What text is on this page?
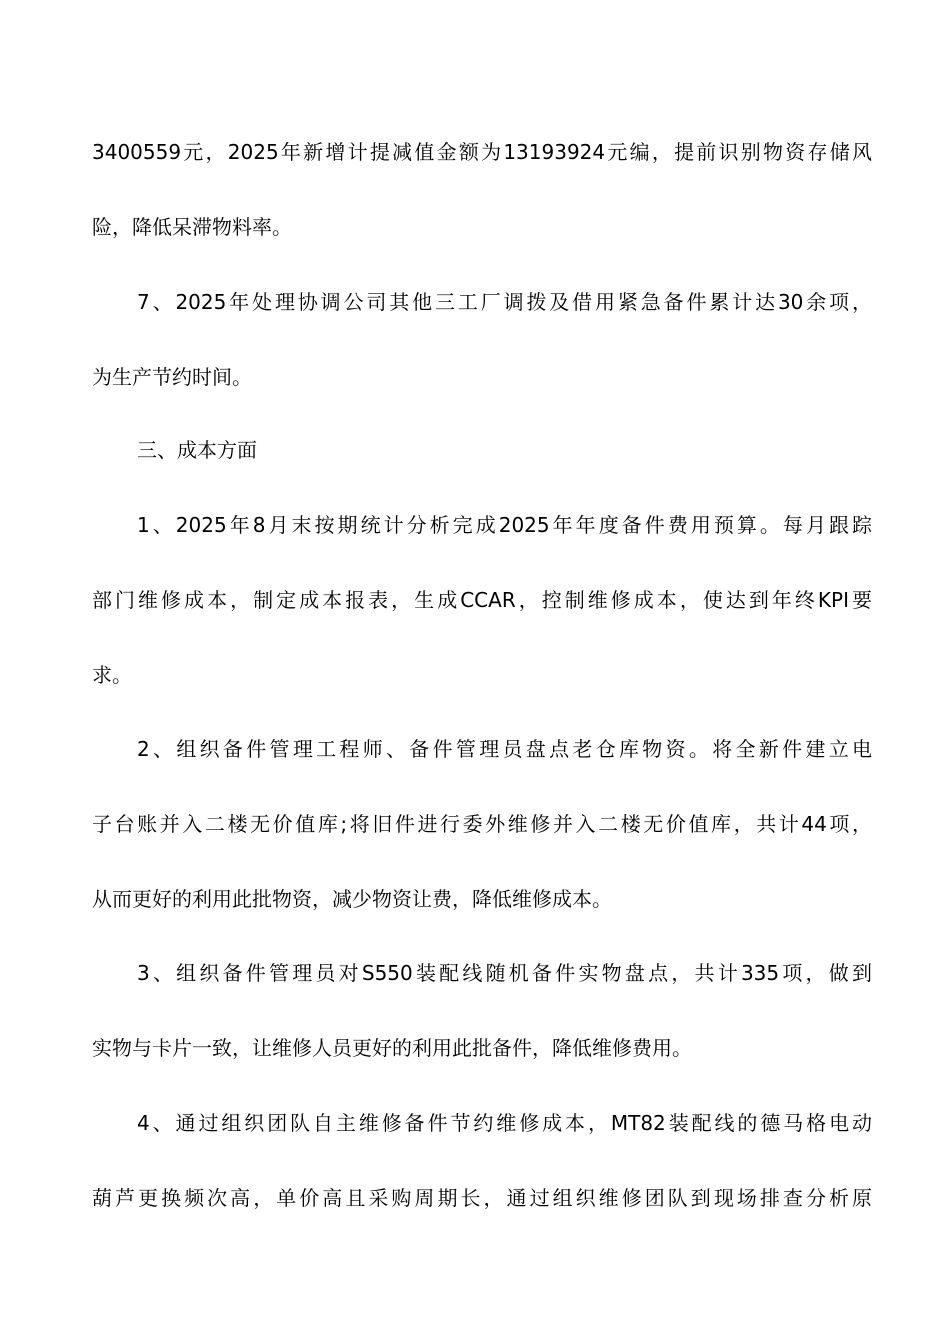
3400559元，2025年新增计提减值金额为13193924元编，提前识别物资存储风
险，降低呆滞物料率。
7、2025年处理协调公司其他三工厂调拨及借用紧急备件累计达30余项，
为生产节约时间。
三、成本方面
1、2025年8月末按期统计分析完成2025年年度备件费用预算。每月跟踪
部门维修成本，制定成本报表，生成CCAR，控制维修成本，使达到年终KPI要
求。
2、组织备件管理工程师、备件管理员盘点老仓库物资。将全新件建立电
子台账并入二楼无价值库;将旧件进行委外维修并入二楼无价值库，共计44项，
从而更好的利用此批物资，减少物资让费，降低维修成本。
3、组织备件管理员对S550装配线随机备件实物盘点，共计335项，做到
实物与卡片一致，让维修人员更好的利用此批备件，降低维修费用。
4、通过组织团队自主维修备件节约维修成本，MT82装配线的德马格电动
葫芦更换频次高，单价高且采购周期长，通过组织维修团队到现场排查分析原
